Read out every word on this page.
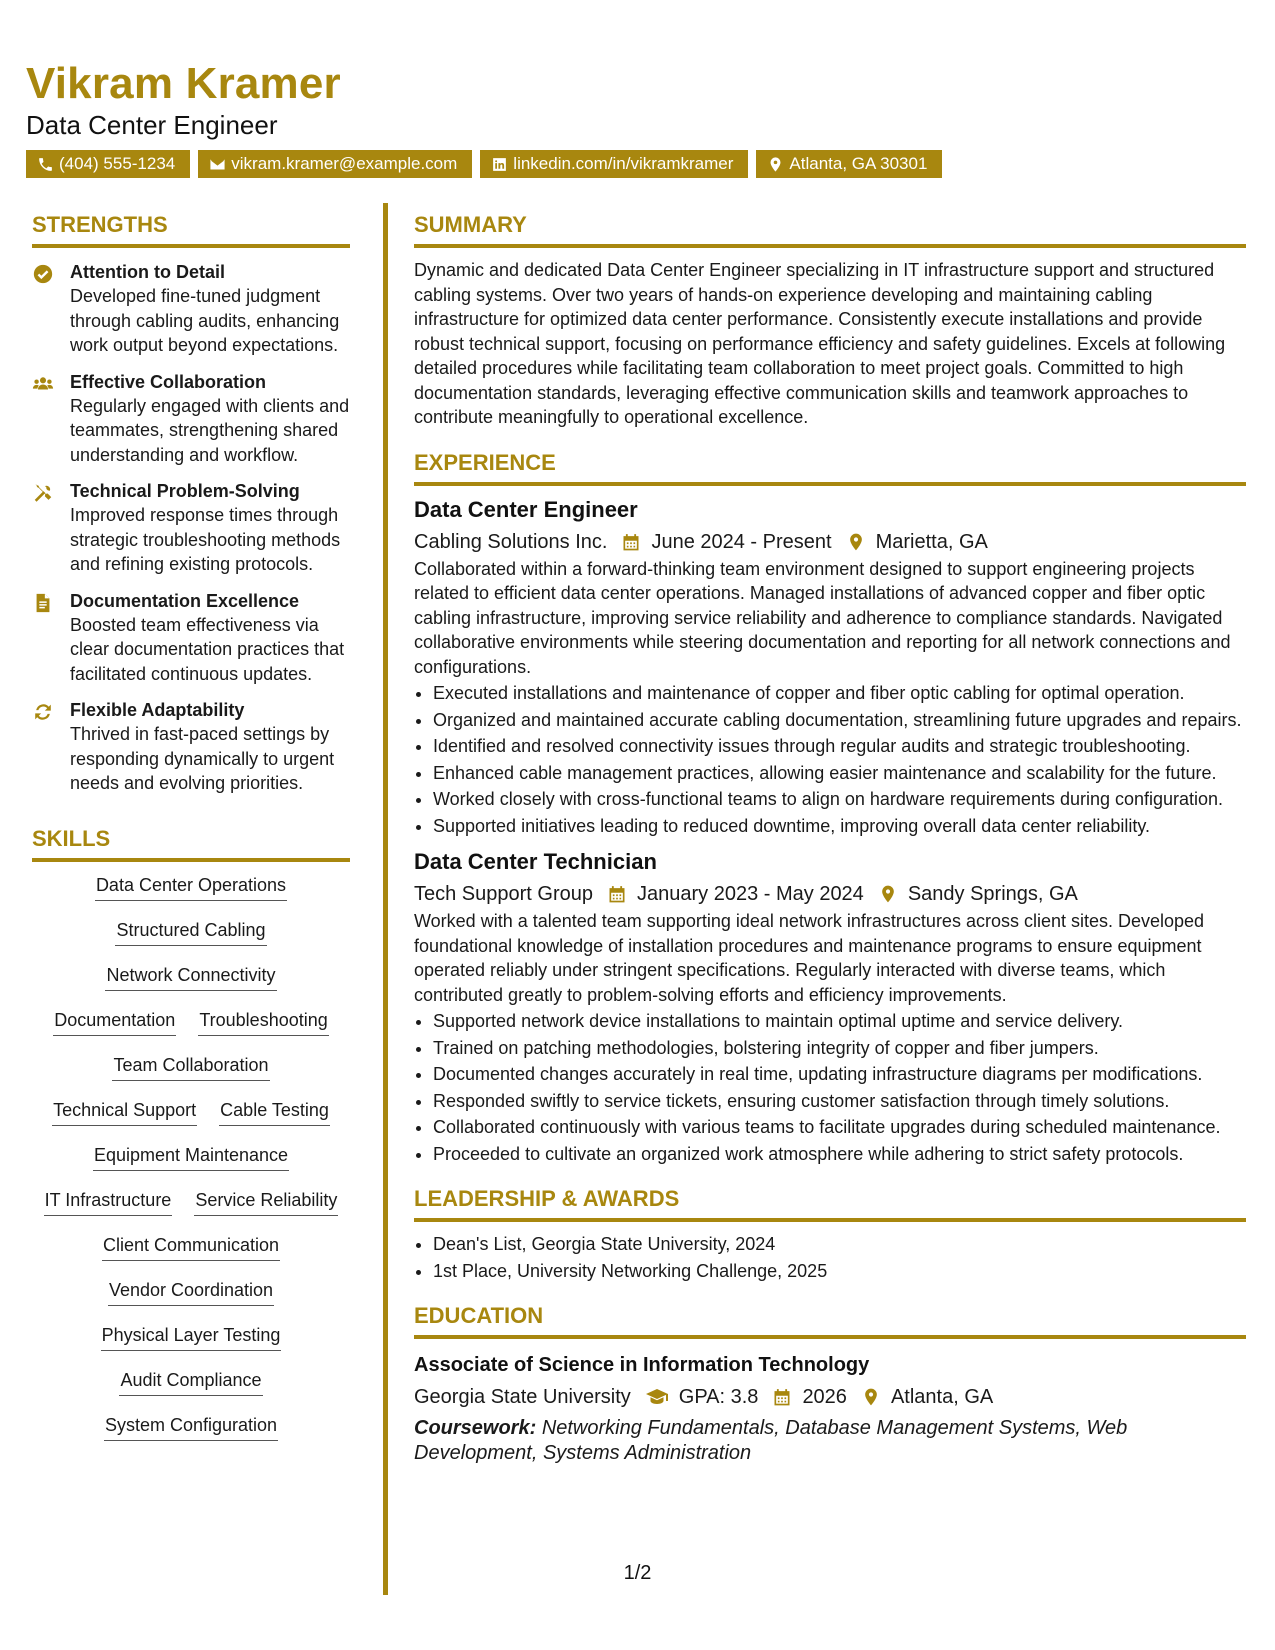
Vikram Kramer
Data Center Engineer
(404) 555-1234	vikram.kramer@example.com	linkedin.com/in/vikramkramer	Atlanta, GA 30301
STRENGTHS
Attention to Detail
Developed fine-tuned judgment through cabling audits, enhancing work output beyond expectations.
Effective Collaboration
Regularly engaged with clients and teammates, strengthening shared understanding and workflow.
Technical Problem-Solving
Improved response times through strategic troubleshooting methods and refining existing protocols.
Documentation Excellence
Boosted team effectiveness via clear documentation practices that facilitated continuous updates.
Flexible Adaptability
Thrived in fast-paced settings by responding dynamically to urgent needs and evolving priorities.
SKILLS
Data Center Operations
Structured Cabling
Network Connectivity
Documentation Troubleshooting
Team Collaboration
Technical Support Cable Testing
Equipment Maintenance
IT Infrastructure Service Reliability
Client Communication
Vendor Coordination
Physical Layer Testing
Audit Compliance
System Configuration
SUMMARY

Dynamic and dedicated Data Center Engineer specializing in IT infrastructure support and structured cabling systems. Over two years of hands-on experience developing and maintaining cabling infrastructure for optimized data center performance. Consistently execute installations and provide robust technical support, focusing on performance efficiency and safety guidelines. Excels at following detailed procedures while facilitating team collaboration to meet project goals. Committed to high documentation standards, leveraging effective communication skills and teamwork approaches to contribute meaningfully to operational excellence.

EXPERIENCE
Data Center Engineer
Cabling Solutions Inc. June 2024 - Present Marietta, GA

Collaborated within a forward-thinking team environment designed to support engineering projects related to efficient data center operations. Managed installations of advanced copper and fiber optic cabling infrastructure, improving service reliability and adherence to compliance standards. Navigated collaborative environments while steering documentation and reporting for all network connections and configurations.

• Executed installations and maintenance of copper and fiber optic cabling for optimal operation.
• Organized and maintained accurate cabling documentation, streamlining future upgrades and repairs.
• Identified and resolved connectivity issues through regular audits and strategic troubleshooting.
• Enhanced cable management practices, allowing easier maintenance and scalability for the future.
• Worked closely with cross-functional teams to align on hardware requirements during configuration.
• Supported initiatives leading to reduced downtime, improving overall data center reliability.
Data Center Technician
Tech Support Group January 2023 - May 2024 Sandy Springs, GA

Worked with a talented team supporting ideal network infrastructures across client sites. Developed foundational knowledge of installation procedures and maintenance programs to ensure equipment operated reliably under stringent specifications. Regularly interacted with diverse teams, which contributed greatly to problem-solving efforts and efficiency improvements.

• Supported network device installations to maintain optimal uptime and service delivery.
• Trained on patching methodologies, bolstering integrity of copper and fiber jumpers.
• Documented changes accurately in real time, updating infrastructure diagrams per modifications.
• Responded swiftly to service tickets, ensuring customer satisfaction through timely solutions.
• Collaborated continuously with various teams to facilitate upgrades during scheduled maintenance.
• Proceeded to cultivate an organized work atmosphere while adhering to strict safety protocols.
LEADERSHIP & AWARDS
• Dean's List, Georgia State University, 2024
• 1st Place, University Networking Challenge, 2025
EDUCATION
Associate of Science in Information Technology
Georgia State University GPA: 3.8 2026 Atlanta, GA
Coursework: Networking Fundamentals, Database Management Systems, Web Development, Systems Administration
1/2
